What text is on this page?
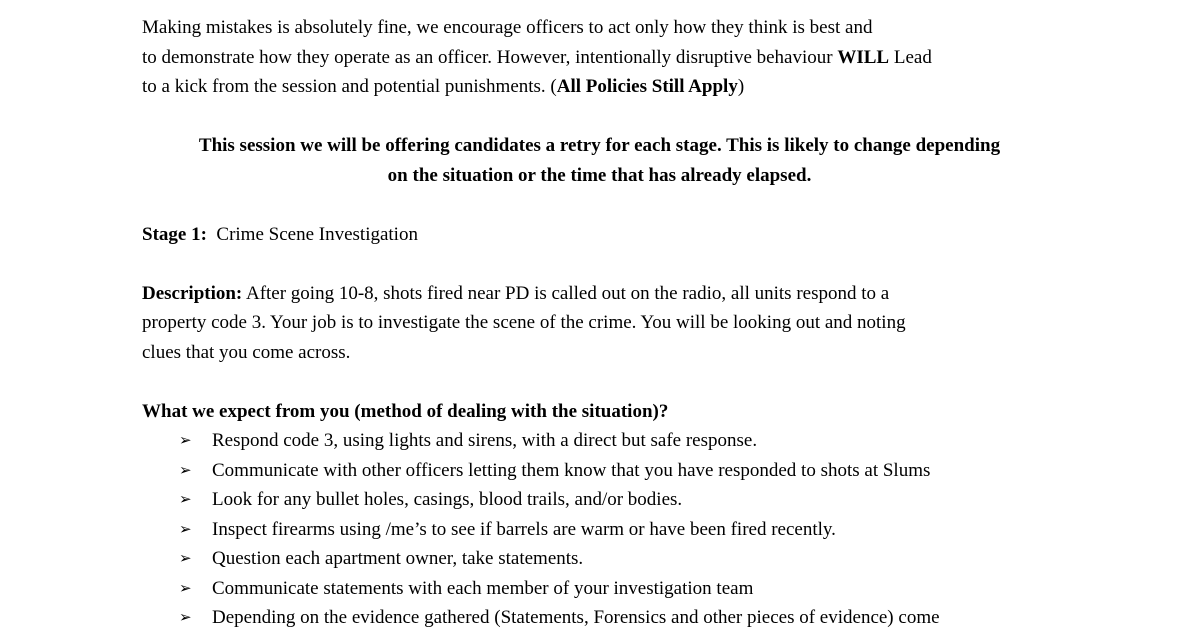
Making mistakes is absolutely fine, we encourage officers to act only how they think is best and
to demonstrate how they operate as an officer. However, intentionally disruptive behaviour WILL Lead
to a kick from the session and potential punishments. (All Policies Still Apply)

This session we will be offering candidates a retry for each stage. This is likely to change depending
on the situation or the time that has already elapsed.

Stage 1: Crime Scene Investigation

Description: After going 10-8, shots fired near PD is called out on the radio, all units respond to a
property code 3. Your job is to investigate the scene of the crime. You will be looking out and noting
clues that you come across.

What we expect from you (method of dealing with the situation)?

➢	Respond code 3, using lights and sirens, with a direct but safe response.
➢	Communicate with other officers letting them know that you have responded to shots at Slums
➢	Look for any bullet holes, casings, blood trails, and/or bodies.
➢	Inspect firearms using /me’s to see if barrels are warm or have been fired recently.
➢	Question each apartment owner, take statements.
➢	Communicate statements with each member of your investigation team
➢	Depending on the evidence gathered (Statements, Forensics and other pieces of evidence) come
